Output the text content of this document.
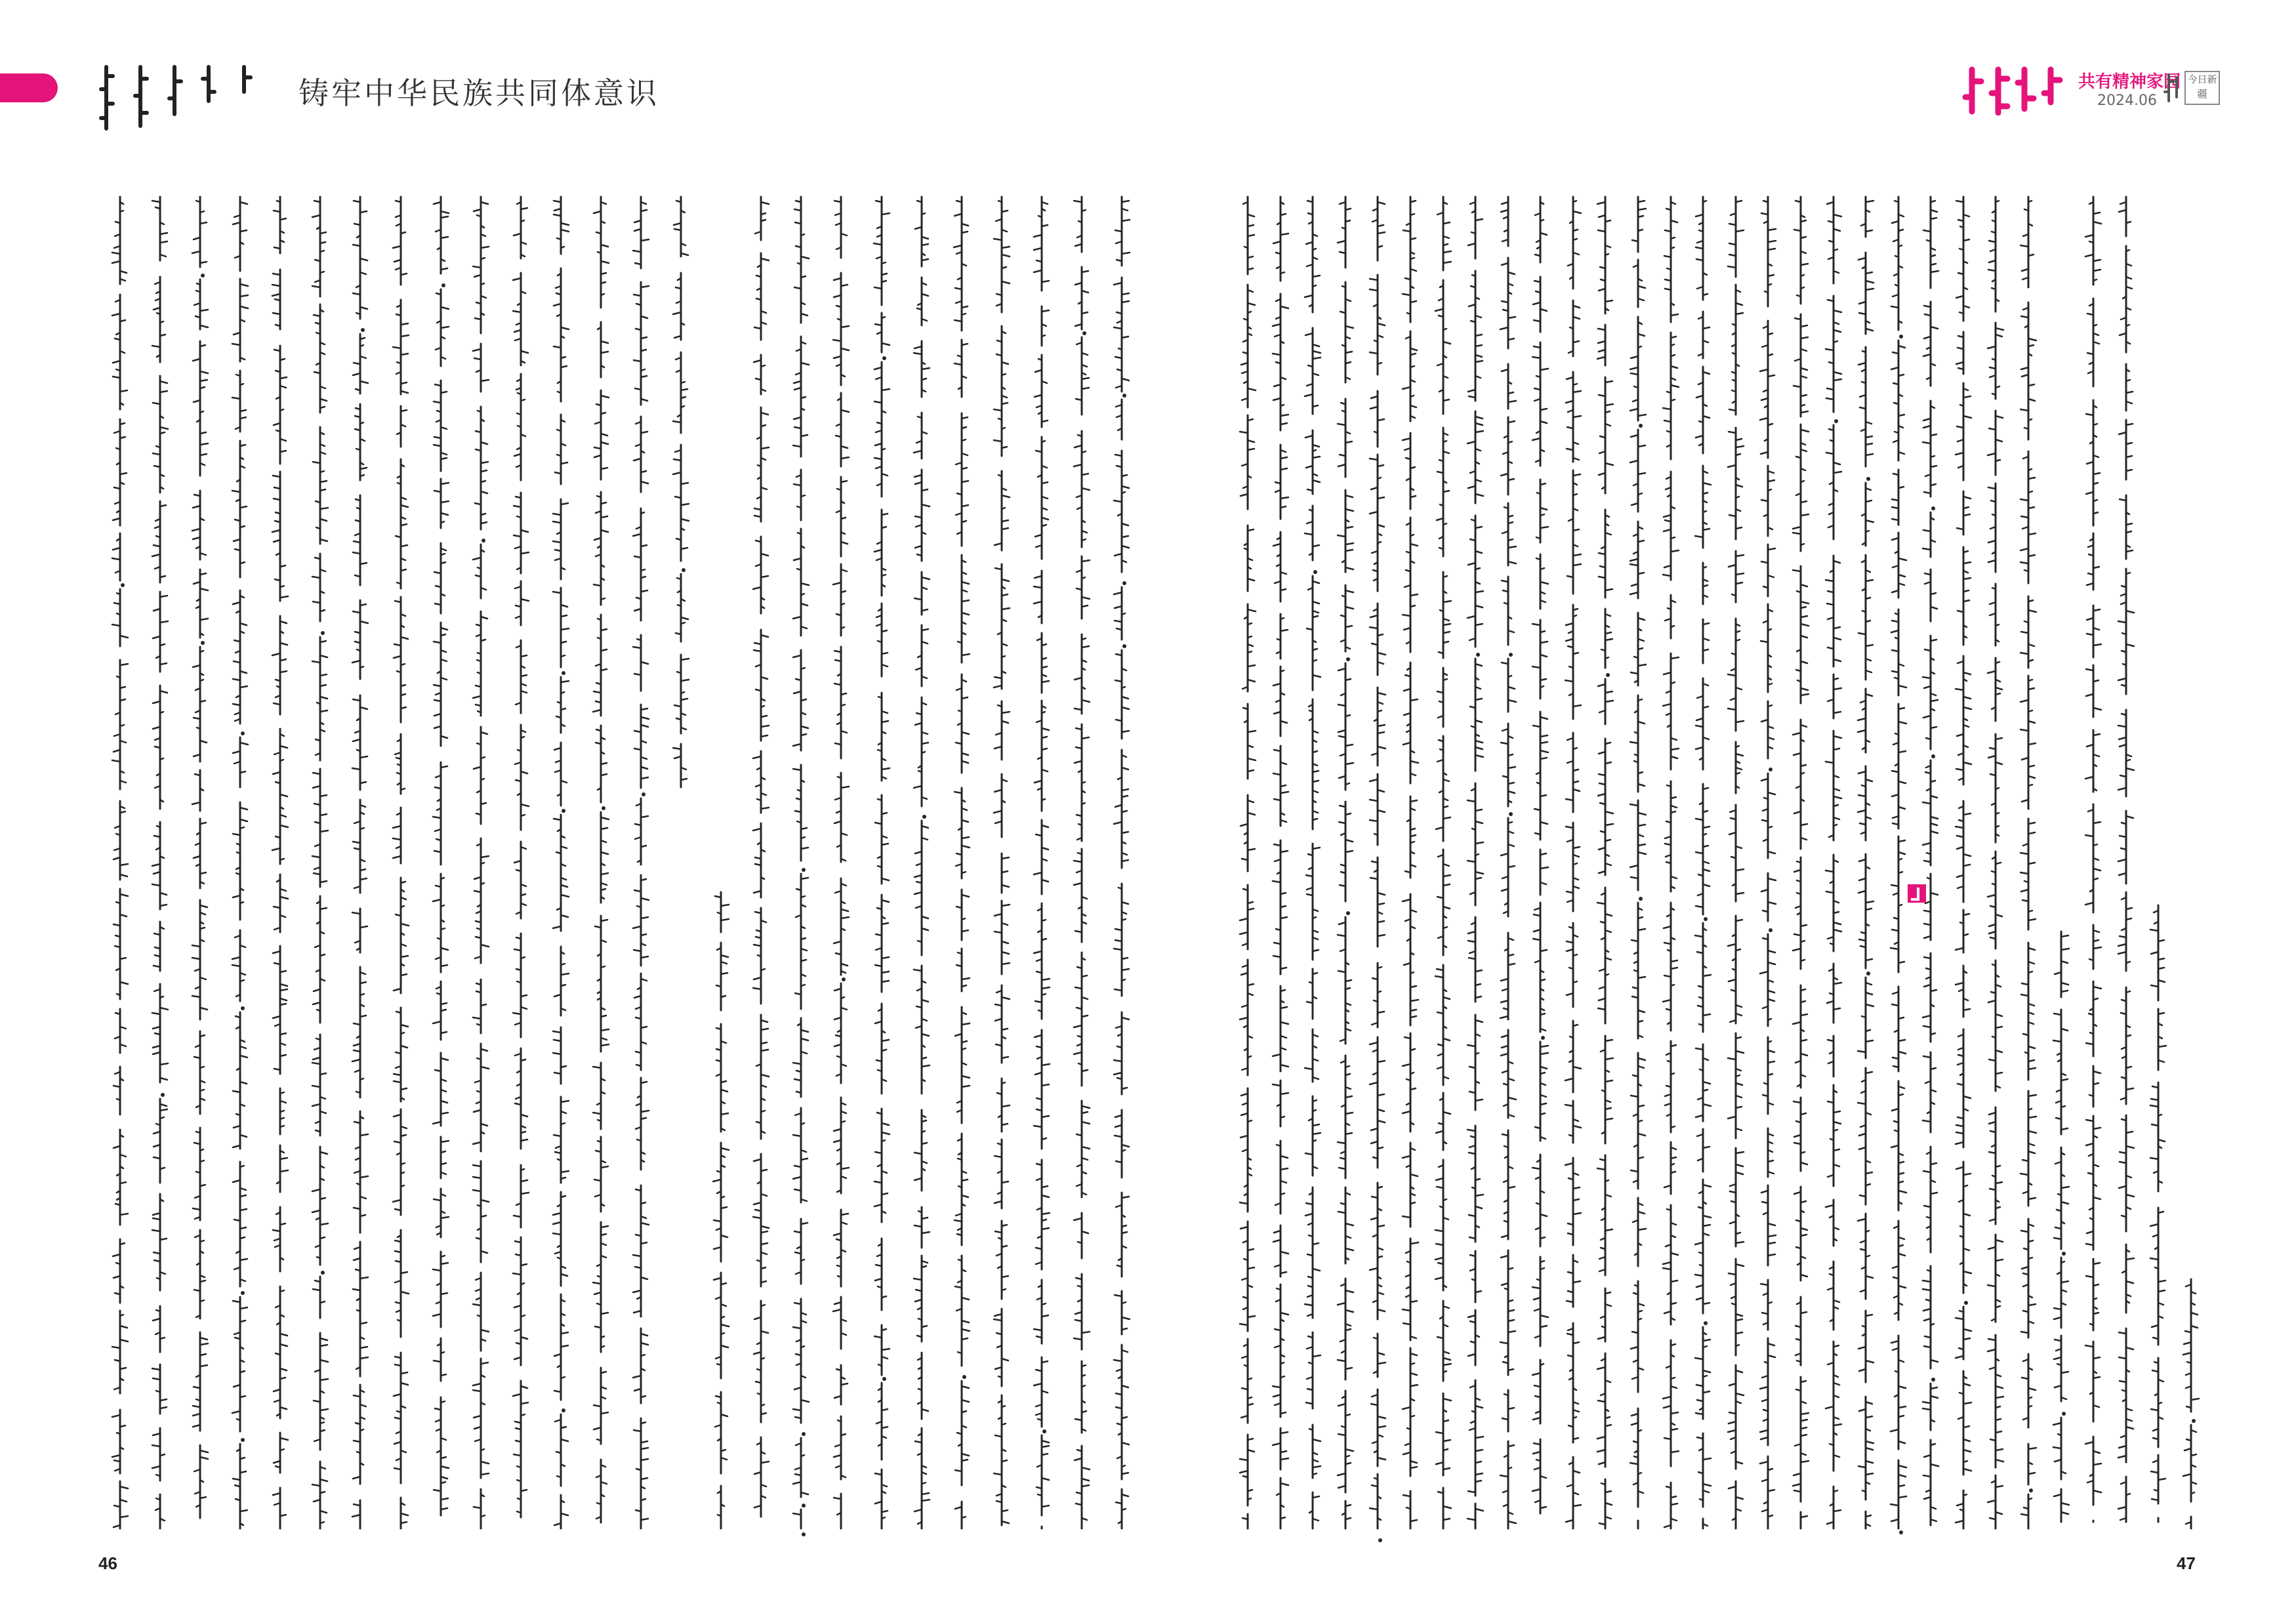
铸牢中华民族共同体意识	共有精神家园
2024.06
今日新疆
46	47
